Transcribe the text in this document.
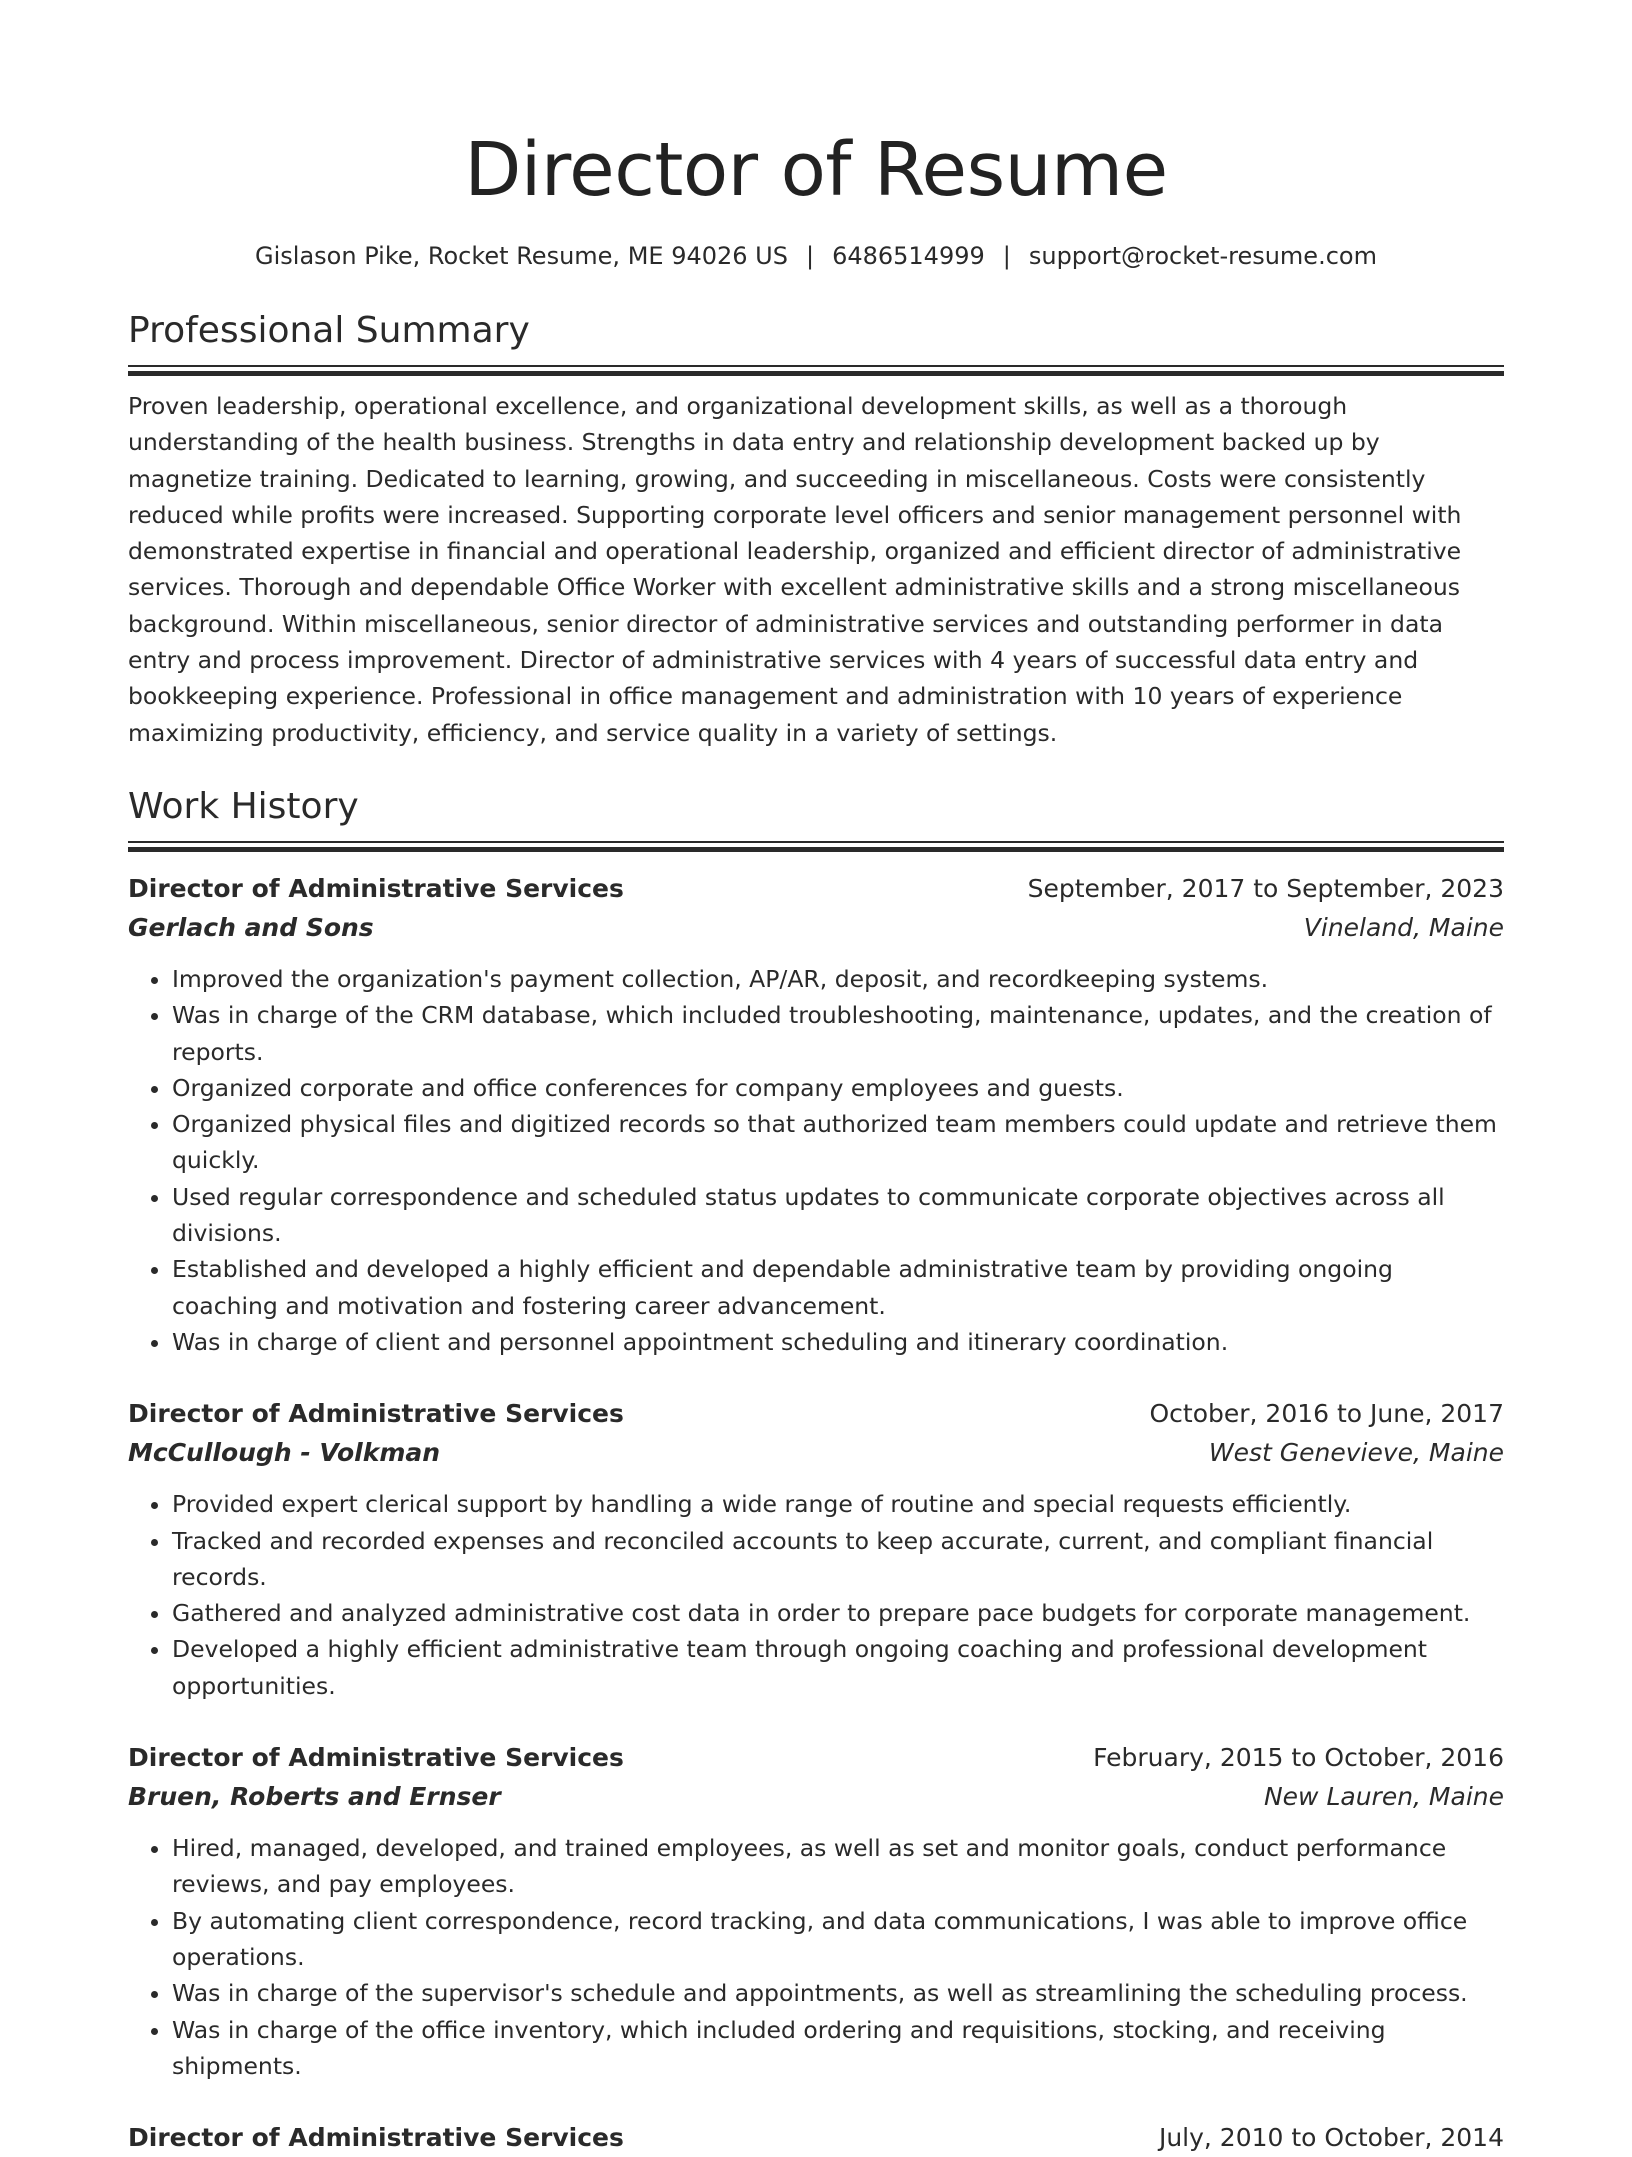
Director of Resume
Gislason Pike, Rocket Resume, ME 94026 US | 6486514999 | support@rocket-resume.com
Professional Summary

Proven leadership, operational excellence, and organizational development skills, as well as a thorough understanding of the health business. Strengths in data entry and relationship development backed up by magnetize training. Dedicated to learning, growing, and succeeding in miscellaneous. Costs were consistently reduced while profits were increased. Supporting corporate level officers and senior management personnel with demonstrated expertise in financial and operational leadership, organized and efficient director of administrative services. Thorough and dependable Office Worker with excellent administrative skills and a strong miscellaneous background. Within miscellaneous, senior director of administrative services and outstanding performer in data entry and process improvement. Director of administrative services with 4 years of successful data entry and bookkeeping experience. Professional in office management and administration with 10 years of experience maximizing productivity, efficiency, and service quality in a variety of settings.

Work History
Director of Administrative Services	September, 2017 to September, 2023
Gerlach and Sons	Vineland, Maine
• Improved the organization's payment collection, AP/AR, deposit, and recordkeeping systems.
• Was in charge of the CRM database, which included troubleshooting, maintenance, updates, and the creation of reports.
• Organized corporate and office conferences for company employees and guests.
• Organized physical files and digitized records so that authorized team members could update and retrieve them quickly.
• Used regular correspondence and scheduled status updates to communicate corporate objectives across all divisions.
• Established and developed a highly efficient and dependable administrative team by providing ongoing coaching and motivation and fostering career advancement.
• Was in charge of client and personnel appointment scheduling and itinerary coordination.
Director of Administrative Services	October, 2016 to June, 2017
McCullough - Volkman	West Genevieve, Maine
• Provided expert clerical support by handling a wide range of routine and special requests efficiently.
• Tracked and recorded expenses and reconciled accounts to keep accurate, current, and compliant financial records.
• Gathered and analyzed administrative cost data in order to prepare pace budgets for corporate management.
• Developed a highly efficient administrative team through ongoing coaching and professional development opportunities.
Director of Administrative Services	February, 2015 to October, 2016
Bruen, Roberts and Ernser	New Lauren, Maine
• Hired, managed, developed, and trained employees, as well as set and monitor goals, conduct performance reviews, and pay employees.
• By automating client correspondence, record tracking, and data communications, I was able to improve office operations.
• Was in charge of the supervisor's schedule and appointments, as well as streamlining the scheduling process.
• Was in charge of the office inventory, which included ordering and requisitions, stocking, and receiving shipments.
Director of Administrative Services	July, 2010 to October, 2014
